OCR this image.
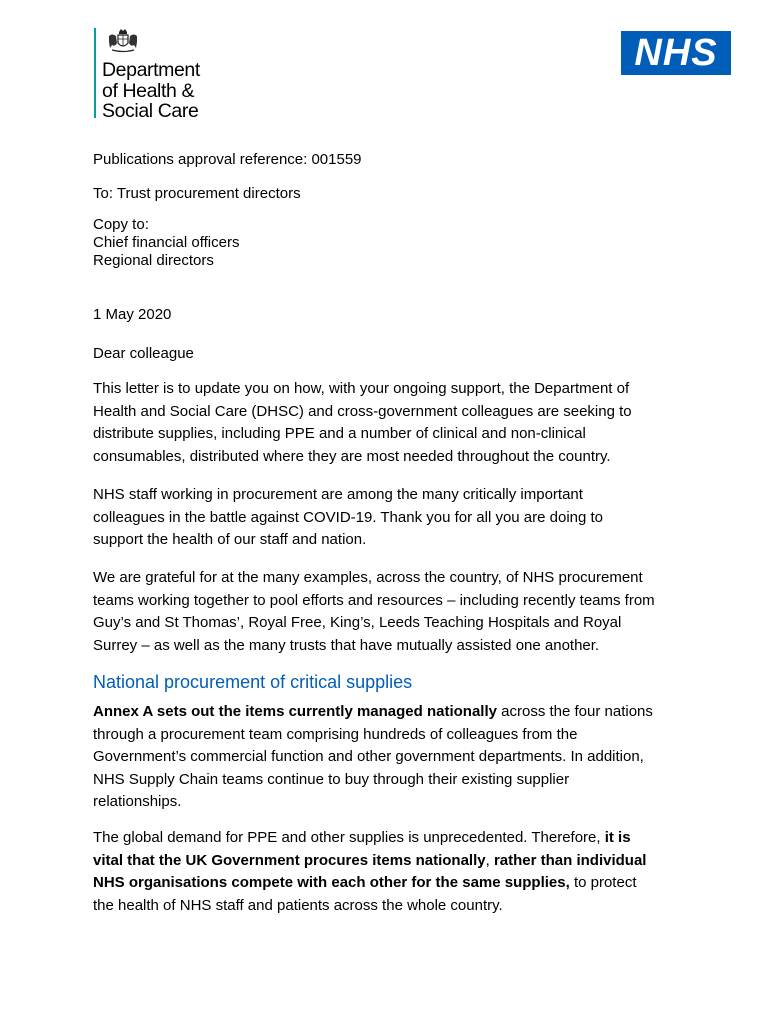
Department
of Health &
Social Care
NHS
Publications approval reference: 001559
To: Trust procurement directors
Copy to:
Chief financial officers
Regional directors
1 May 2020
Dear colleague
This letter is to update you on how, with your ongoing support, the Department of
Health and Social Care (DHSC) and cross-government colleagues are seeking to
distribute supplies, including PPE and a number of clinical and non-clinical
consumables, distributed where they are most needed throughout the country.
NHS staff working in procurement are among the many critically important
colleagues in the battle against COVID-19. Thank you for all you are doing to
support the health of our staff and nation.
We are grateful for at the many examples, across the country, of NHS procurement
teams working together to pool efforts and resources – including recently teams from
Guy’s and St Thomas’, Royal Free, King’s, Leeds Teaching Hospitals and Royal
Surrey – as well as the many trusts that have mutually assisted one another.
National procurement of critical supplies
Annex A sets out the items currently managed nationally across the four nations
through a procurement team comprising hundreds of colleagues from the
Government’s commercial function and other government departments. In addition,
NHS Supply Chain teams continue to buy through their existing supplier
relationships.
The global demand for PPE and other supplies is unprecedented. Therefore, it is
vital that the UK Government procures items nationally, rather than individual
NHS organisations compete with each other for the same supplies, to protect
the health of NHS staff and patients across the whole country.
